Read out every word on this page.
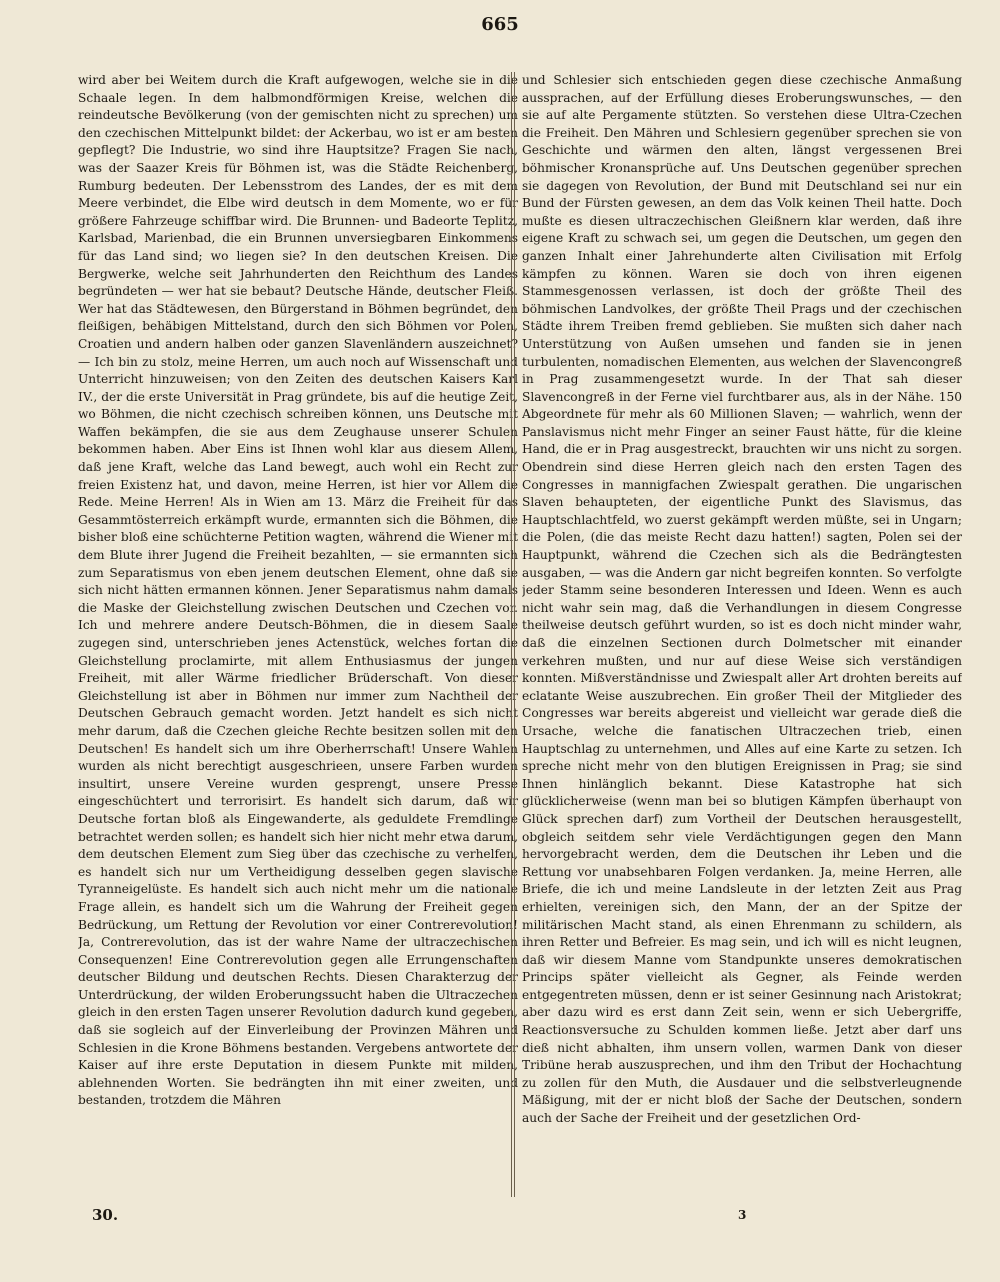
665

wird aber bei Weitem durch die Kraft aufgewogen, welche sie in die Schaale legen. In dem halbmondförmigen Kreise, welchen die reindeutsche Bevölkerung (von der gemischten nicht zu sprechen) um den czechischen Mittelpunkt bildet: der Ackerbau, wo ist er am besten gepflegt? Die Industrie, wo sind ihre Hauptsitze? Fragen Sie nach, was der Saazer Kreis für Böhmen ist, was die Städte Reichenberg, Rumburg bedeuten. Der Lebensstrom des Landes, der es mit dem Meere verbindet, die Elbe wird deutsch in dem Momente, wo er für größere Fahrzeuge schiffbar wird. Die Brunnen- und Badeorte Teplitz, Karlsbad, Marienbad, die ein Brunnen unversiegbaren Einkommens für das Land sind; wo liegen sie? In den deutschen Kreisen. Die Bergwerke, welche seit Jahrhunderten den Reichthum des Landes begründeten — wer hat sie bebaut? Deutsche Hände, deutscher Fleiß. Wer hat das Städtewesen, den Bürgerstand in Böhmen begründet, den fleißigen, behäbigen Mittelstand, durch den sich Böhmen vor Polen, Croatien und andern halben oder ganzen Slavenländern auszeichnet? — Ich bin zu stolz, meine Herren, um auch noch auf Wissenschaft und Unterricht hinzuweisen; von den Zeiten des deutschen Kaisers Karl IV., der die erste Universität in Prag gründete, bis auf die heutige Zeit, wo Böhmen, die nicht czechisch schreiben können, uns Deutsche mit Waffen bekämpfen, die sie aus dem Zeughause unserer Schulen bekommen haben. Aber Eins ist Ihnen wohl klar aus diesem Allem, daß jene Kraft, welche das Land bewegt, auch wohl ein Recht zur freien Existenz hat, und davon, meine Herren, ist hier vor Allem die Rede. Meine Herren! Als in Wien am 13. März die Freiheit für das Gesammtösterreich erkämpft wurde, ermannten sich die Böhmen, die bisher bloß eine schüchterne Petition wagten, während die Wiener mit dem Blute ihrer Jugend die Freiheit bezahlten, — sie ermannten sich zum Separatismus von eben jenem deutschen Element, ohne daß sie sich nicht hätten ermannen können. Jener Separatismus nahm damals die Maske der Gleichstellung zwischen Deutschen und Czechen vor. Ich und mehrere andere Deutsch-Böhmen, die in diesem Saale zugegen sind, unterschrieben jenes Actenstück, welches fortan die Gleichstellung proclamirte, mit allem Enthusiasmus der jungen Freiheit, mit aller Wärme friedlicher Brüderschaft. Von dieser Gleichstellung ist aber in Böhmen nur immer zum Nachtheil der Deutschen Gebrauch gemacht worden. Jetzt handelt es sich nicht mehr darum, daß die Czechen gleiche Rechte besitzen sollen mit den Deutschen! Es handelt sich um ihre Oberherrschaft! Unsere Wahlen wurden als nicht berechtigt ausgeschrieen, unsere Farben wurden insultirt, unsere Vereine wurden gesprengt, unsere Presse eingeschüchtert und terrorisirt. Es handelt sich darum, daß wir Deutsche fortan bloß als Eingewanderte, als geduldete Fremdlinge betrachtet werden sollen; es handelt sich hier nicht mehr etwa darum, dem deutschen Element zum Sieg über das czechische zu verhelfen, es handelt sich nur um Vertheidigung desselben gegen slavische Tyranneigelüste. Es handelt sich auch nicht mehr um die nationale Frage allein, es handelt sich um die Wahrung der Freiheit gegen Bedrückung, um Rettung der Revolution vor einer Contrerevolution! Ja, Contrerevolution, das ist der wahre Name der ultraczechischen Consequenzen! Eine Contrerevolution gegen alle Errungenschaften deutscher Bildung und deutschen Rechts. Diesen Charakterzug der Unterdrückung, der wilden Eroberungssucht haben die Ultraczechen gleich in den ersten Tagen unserer Revolution dadurch kund gegeben, daß sie sogleich auf der Einverleibung der Provinzen Mähren und Schlesien in die Krone Böhmens bestanden. Vergebens antwortete der Kaiser auf ihre erste Deputation in diesem Punkte mit milden, ablehnenden Worten. Sie bedrängten ihn mit einer zweiten, und bestanden, trotzdem die Mähren

und Schlesier sich entschieden gegen diese czechische Anmaßung aussprachen, auf der Erfüllung dieses Eroberungswunsches, — den sie auf alte Pergamente stützten. So verstehen diese Ultra-Czechen die Freiheit. Den Mähren und Schlesiern gegenüber sprechen sie von Geschichte und wärmen den alten, längst vergessenen Brei böhmischer Kronansprüche auf. Uns Deutschen gegenüber sprechen sie dagegen von Revolution, der Bund mit Deutschland sei nur ein Bund der Fürsten gewesen, an dem das Volk keinen Theil hatte. Doch mußte es diesen ultraczechischen Gleißnern klar werden, daß ihre eigene Kraft zu schwach sei, um gegen die Deutschen, um gegen den ganzen Inhalt einer Jahrehunderte alten Civilisation mit Erfolg kämpfen zu können. Waren sie doch von ihren eigenen Stammesgenossen verlassen, ist doch der größte Theil des böhmischen Landvolkes, der größte Theil Prags und der czechischen Städte ihrem Treiben fremd geblieben. Sie mußten sich daher nach Unterstützung von Außen umsehen und fanden sie in jenen turbulenten, nomadischen Elementen, aus welchen der Slavencongreß in Prag zusammengesetzt wurde. In der That sah dieser Slavencongreß in der Ferne viel furchtbarer aus, als in der Nähe. 150 Abgeordnete für mehr als 60 Millionen Slaven; — wahrlich, wenn der Panslavismus nicht mehr Finger an seiner Faust hätte, für die kleine Hand, die er in Prag ausgestreckt, brauchten wir uns nicht zu sorgen. Obendrein sind diese Herren gleich nach den ersten Tagen des Congresses in mannigfachen Zwiespalt gerathen. Die ungarischen Slaven behaupteten, der eigentliche Punkt des Slavismus, das Hauptschlachtfeld, wo zuerst gekämpft werden müßte, sei in Ungarn; die Polen, (die das meiste Recht dazu hatten!) sagten, Polen sei der Hauptpunkt, während die Czechen sich als die Bedrängtesten ausgaben, — was die Andern gar nicht begreifen konnten. So verfolgte jeder Stamm seine besonderen Interessen und Ideen. Wenn es auch nicht wahr sein mag, daß die Verhandlungen in diesem Congresse theilweise deutsch geführt wurden, so ist es doch nicht minder wahr, daß die einzelnen Sectionen durch Dolmetscher mit einander verkehren mußten, und nur auf diese Weise sich verständigen konnten. Mißverständnisse und Zwiespalt aller Art drohten bereits auf eclatante Weise auszubrechen. Ein großer Theil der Mitglieder des Congresses war bereits abgereist und vielleicht war gerade dieß die Ursache, welche die fanatischen Ultraczechen trieb, einen Hauptschlag zu unternehmen, und Alles auf eine Karte zu setzen. Ich spreche nicht mehr von den blutigen Ereignissen in Prag; sie sind Ihnen hinlänglich bekannt. Diese Katastrophe hat sich glücklicherweise (wenn man bei so blutigen Kämpfen überhaupt von Glück sprechen darf) zum Vortheil der Deutschen herausgestellt, obgleich seitdem sehr viele Verdächtigungen gegen den Mann hervorgebracht werden, dem die Deutschen ihr Leben und die Rettung vor unabsehbaren Folgen verdanken. Ja, meine Herren, alle Briefe, die ich und meine Landsleute in der letzten Zeit aus Prag erhielten, vereinigen sich, den Mann, der an der Spitze der militärischen Macht stand, als einen Ehrenmann zu schildern, als ihren Retter und Befreier. Es mag sein, und ich will es nicht leugnen, daß wir diesem Manne vom Standpunkte unseres demokratischen Princips später vielleicht als Gegner, als Feinde werden entgegentreten müssen, denn er ist seiner Gesinnung nach Aristokrat; aber dazu wird es erst dann Zeit sein, wenn er sich Uebergriffe, Reactionsversuche zu Schulden kommen ließe. Jetzt aber darf uns dieß nicht abhalten, ihm unsern vollen, warmen Dank von dieser Tribüne herab auszusprechen, und ihm den Tribut der Hochachtung zu zollen für den Muth, die Ausdauer und die selbstverleugnende Mäßigung, mit der er nicht bloß der Sache der Deutschen, sondern auch der Sache der Freiheit und der gesetzlichen Ord-

30.	3
